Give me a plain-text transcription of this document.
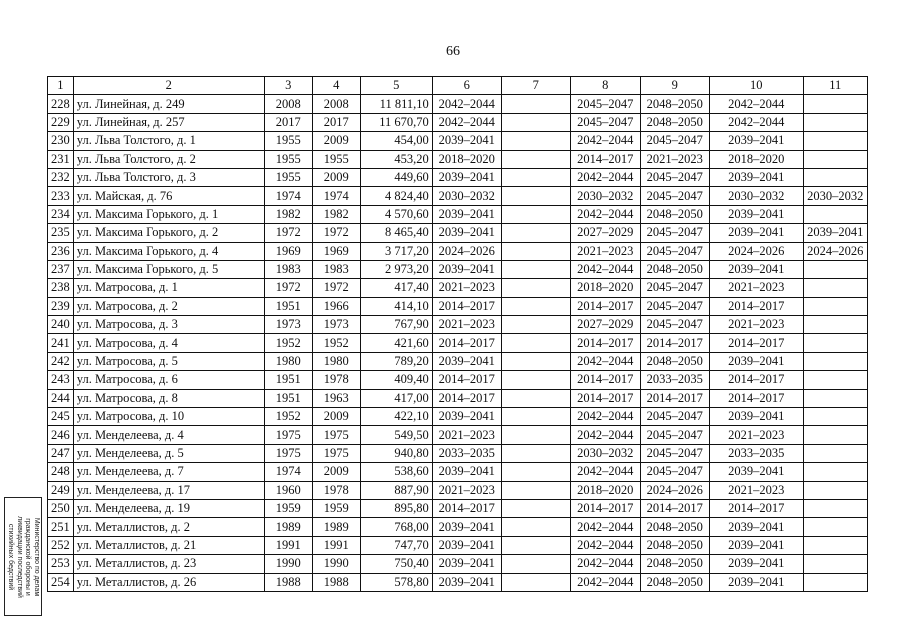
66
1	2	3	4	5	6	7	8	9	10	11
228	ул. Линейная, д. 249	2008	2008	11 811,10	2042–2044		2045–2047	2048–2050	2042–2044	
229	ул. Линейная, д. 257	2017	2017	11 670,70	2042–2044		2045–2047	2048–2050	2042–2044	
230	ул. Льва Толстого, д. 1	1955	2009	454,00	2039–2041		2042–2044	2045–2047	2039–2041	
231	ул. Льва Толстого, д. 2	1955	1955	453,20	2018–2020		2014–2017	2021–2023	2018–2020	
232	ул. Льва Толстого, д. 3	1955	2009	449,60	2039–2041		2042–2044	2045–2047	2039–2041	
233	ул. Майская, д. 76	1974	1974	4 824,40	2030–2032		2030–2032	2045–2047	2030–2032	2030–2032
234	ул. Максима Горького, д. 1	1982	1982	4 570,60	2039–2041		2042–2044	2048–2050	2039–2041	
235	ул. Максима Горького, д. 2	1972	1972	8 465,40	2039–2041		2027–2029	2045–2047	2039–2041	2039–2041
236	ул. Максима Горького, д. 4	1969	1969	3 717,20	2024–2026		2021–2023	2045–2047	2024–2026	2024–2026
237	ул. Максима Горького, д. 5	1983	1983	2 973,20	2039–2041		2042–2044	2048–2050	2039–2041	
238	ул. Матросова, д. 1	1972	1972	417,40	2021–2023		2018–2020	2045–2047	2021–2023	
239	ул. Матросова, д. 2	1951	1966	414,10	2014–2017		2014–2017	2045–2047	2014–2017	
240	ул. Матросова, д. 3	1973	1973	767,90	2021–2023		2027–2029	2045–2047	2021–2023	
241	ул. Матросова, д. 4	1952	1952	421,60	2014–2017		2014–2017	2014–2017	2014–2017	
242	ул. Матросова, д. 5	1980	1980	789,20	2039–2041		2042–2044	2048–2050	2039–2041	
243	ул. Матросова, д. 6	1951	1978	409,40	2014–2017		2014–2017	2033–2035	2014–2017	
244	ул. Матросова, д. 8	1951	1963	417,00	2014–2017		2014–2017	2014–2017	2014–2017	
245	ул. Матросова, д. 10	1952	2009	422,10	2039–2041		2042–2044	2045–2047	2039–2041	
246	ул. Менделеева, д. 4	1975	1975	549,50	2021–2023		2042–2044	2045–2047	2021–2023	
247	ул. Менделеева, д. 5	1975	1975	940,80	2033–2035		2030–2032	2045–2047	2033–2035	
248	ул. Менделеева, д. 7	1974	2009	538,60	2039–2041		2042–2044	2045–2047	2039–2041	
249	ул. Менделеева, д. 17	1960	1978	887,90	2021–2023		2018–2020	2024–2026	2021–2023	
250	ул. Менделеева, д. 19	1959	1959	895,80	2014–2017		2014–2017	2014–2017	2014–2017	
251	ул. Металлистов, д. 2	1989	1989	768,00	2039–2041		2042–2044	2048–2050	2039–2041	
252	ул. Металлистов, д. 21	1991	1991	747,70	2039–2041		2042–2044	2048–2050	2039–2041	
253	ул. Металлистов, д. 23	1990	1990	750,40	2039–2041		2042–2044	2048–2050	2039–2041	
254	ул. Металлистов, д. 26	1988	1988	578,80	2039–2041		2042–2044	2048–2050	2039–2041	
Министерство по делам гражданской обороны и ликвидации последствий стихийных бедствий
